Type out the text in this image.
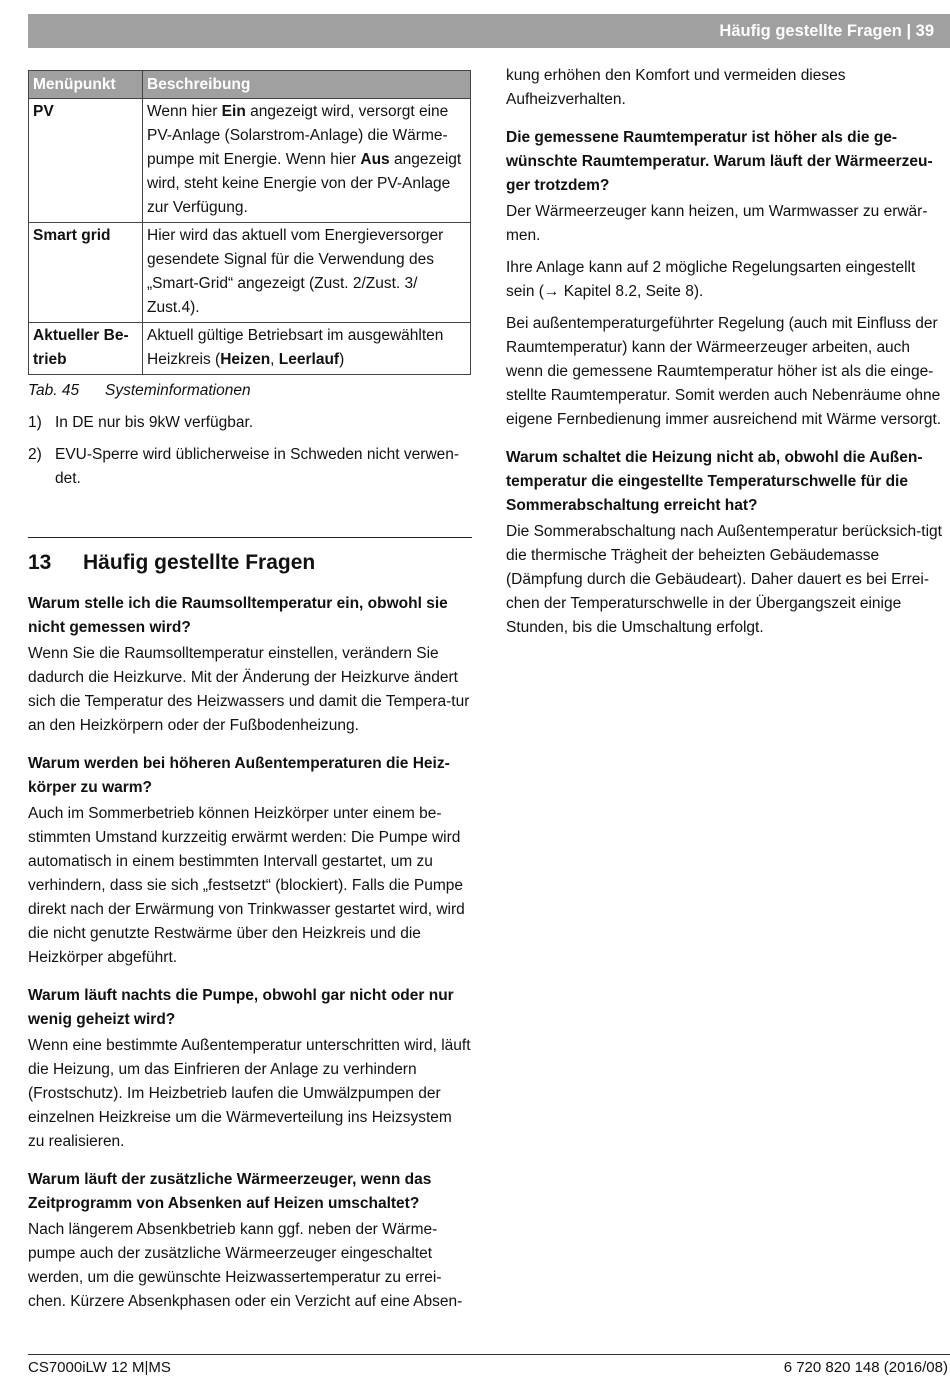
Häufig gestellte Fragen | 39
Menüpunkt	Beschreibung
PV	Wenn hier Ein angezeigt wird, versorgt eine PV-Anlage (Solarstrom-Anlage) die Wärme-pumpe mit Energie. Wenn hier Aus angezeigt wird, steht keine Energie von der PV-Anlage zur Verfügung.
Smart grid	Hier wird das aktuell vom Energieversorger gesendete Signal für die Verwendung des „Smart-Grid“ angezeigt (Zust. 2/Zust. 3/ Zust.4).
Aktueller Be-trieb	Aktuell gültige Betriebsart im ausgewählten Heizkreis (Heizen, Leerlauf)
Tab. 45 Systeminformationen
1) In DE nur bis 9kW verfügbar.
2) EVU-Sperre wird üblicherweise in Schweden nicht verwen-det.
13	Häufig gestellte Fragen
Warum stelle ich die Raumsolltemperatur ein, obwohl sie nicht gemessen wird?

Wenn Sie die Raumsolltemperatur einstellen, verändern Sie dadurch die Heizkurve. Mit der Änderung der Heizkurve ändert sich die Temperatur des Heizwassers und damit die Tempera-tur an den Heizkörpern oder der Fußbodenheizung.

Warum werden bei höheren Außentemperaturen die Heiz-körper zu warm?

Auch im Sommerbetrieb können Heizkörper unter einem be-stimmten Umstand kurzzeitig erwärmt werden: Die Pumpe wird automatisch in einem bestimmten Intervall gestartet, um zu verhindern, dass sie sich „festsetzt“ (blockiert). Falls die Pumpe direkt nach der Erwärmung von Trinkwasser gestartet wird, wird die nicht genutzte Restwärme über den Heizkreis und die Heizkörper abgeführt.

Warum läuft nachts die Pumpe, obwohl gar nicht oder nur wenig geheizt wird?

Wenn eine bestimmte Außentemperatur unterschritten wird, läuft die Heizung, um das Einfrieren der Anlage zu verhindern (Frostschutz). Im Heizbetrieb laufen die Umwälzpumpen der einzelnen Heizkreise um die Wärmeverteilung ins Heizsystem zu realisieren.

Warum läuft der zusätzliche Wärmeerzeuger, wenn das Zeitprogramm von Absenken auf Heizen umschaltet?

Nach längerem Absenkbetrieb kann ggf. neben der Wärme-pumpe auch der zusätzliche Wärmeerzeuger eingeschaltet werden, um die gewünschte Heizwassertemperatur zu errei-chen. Kürzere Absenkphasen oder ein Verzicht auf eine Absen-

kung erhöhen den Komfort und vermeiden dieses Aufheizverhalten.

Die gemessene Raumtemperatur ist höher als die ge-wünschte Raumtemperatur. Warum läuft der Wärmeerzeu-ger trotzdem?

Der Wärmeerzeuger kann heizen, um Warmwasser zu erwär-men.

Ihre Anlage kann auf 2 mögliche Regelungsarten eingestellt sein (→ Kapitel 8.2, Seite 8).

Bei außentemperaturgeführter Regelung (auch mit Einfluss der Raumtemperatur) kann der Wärmeerzeuger arbeiten, auch wenn die gemessene Raumtemperatur höher ist als die einge-stellte Raumtemperatur. Somit werden auch Nebenräume ohne eigene Fernbedienung immer ausreichend mit Wärme versorgt.

Warum schaltet die Heizung nicht ab, obwohl die Außen-temperatur die eingestellte Temperaturschwelle für die Sommerabschaltung erreicht hat?

Die Sommerabschaltung nach Außentemperatur berücksich-tigt die thermische Trägheit der beheizten Gebäudemasse (Dämpfung durch die Gebäudeart). Daher dauert es bei Errei-chen der Temperaturschwelle in der Übergangszeit einige Stunden, bis die Umschaltung erfolgt.

CS7000iLW 12 M|MS	6 720 820 148 (2016/08)
